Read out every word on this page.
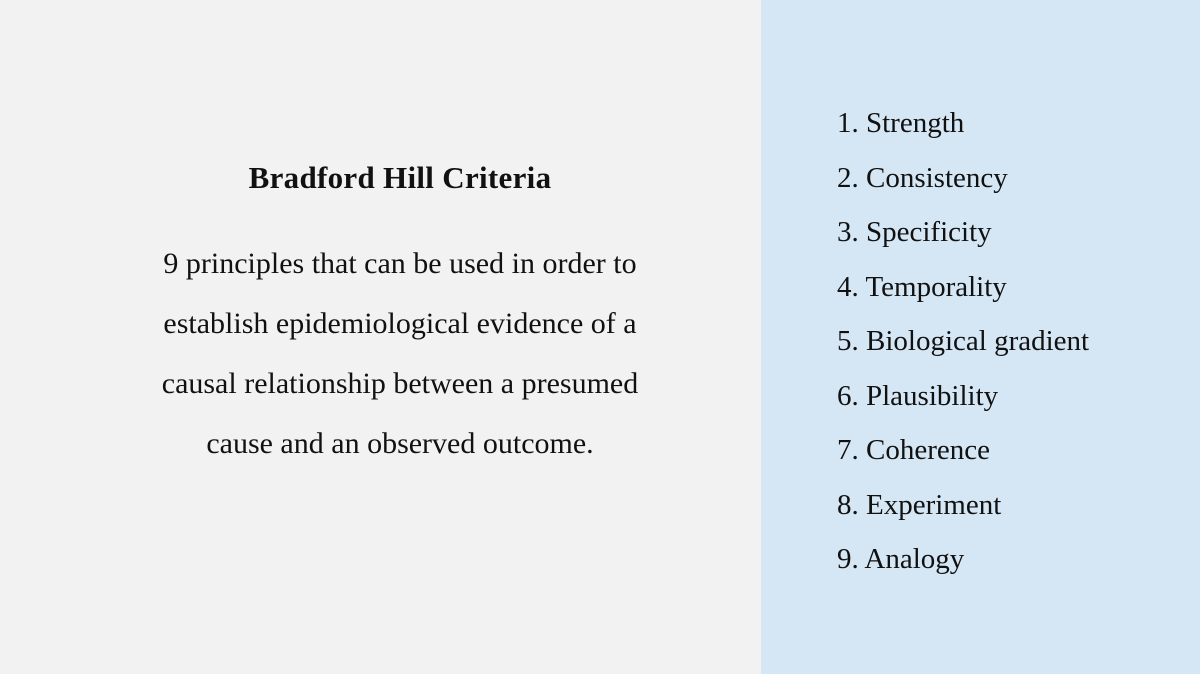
Bradford Hill Criteria
9 principles that can be used in order to establish epidemiological evidence of a causal relationship between a presumed cause and an observed outcome.
1. Strength
2. Consistency
3. Specificity
4. Temporality
5. Biological gradient
6. Plausibility
7. Coherence
8. Experiment
9. Analogy
